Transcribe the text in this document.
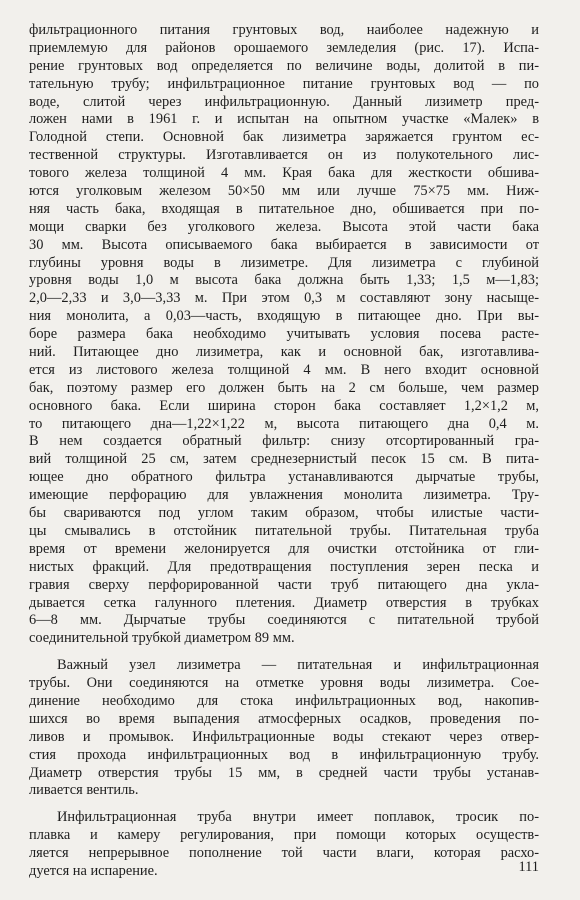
фильтрационного питания грунтовых вод, наиболее надежную и
приемлемую для районов орошаемого земледелия (рис. 17). Испа-
рение грунтовых вод определяется по величине воды, долитой в пи-
тательную трубу; инфильтрационное питание грунтовых вод — по
воде, слитой через инфильтрационную. Данный лизиметр пред-
ложен нами в 1961 г. и испытан на опытном участке «Малек» в
Голодной степи. Основной бак лизиметра заряжается грунтом ес-
тественной структуры. Изготавливается он из полукотельного лис-
тового железа толщиной 4 мм. Края бака для жесткости обшива-
ются уголковым железом 50×50 мм или лучше 75×75 мм. Ниж-
няя часть бака, входящая в питательное дно, обшивается при по-
мощи сварки без уголкового железа. Высота этой части бака
30 мм. Высота описываемого бака выбирается в зависимости от
глубины уровня воды в лизиметре. Для лизиметра с глубиной
уровня воды 1,0 м высота бака должна быть 1,33; 1,5 м—1,83;
2,0—2,33 и 3,0—3,33 м. При этом 0,3 м составляют зону насыще-
ния монолита, а 0,03—часть, входящую в питающее дно. При вы-
боре размера бака необходимо учитывать условия посева расте-
ний. Питающее дно лизиметра, как и основной бак, изготавлива-
ется из листового железа толщиной 4 мм. В него входит основной
бак, поэтому размер его должен быть на 2 см больше, чем размер
основного бака. Если ширина сторон бака составляет 1,2×1,2 м,
то питающего дна—1,22×1,22 м, высота питающего дна 0,4 м.
В нем создается обратный фильтр: снизу отсортированный гра-
вий толщиной 25 см, затем среднезернистый песок 15 см. В пита-
ющее дно обратного фильтра устанавливаются дырчатые трубы,
имеющие перфорацию для увлажнения монолита лизиметра. Тру-
бы свариваются под углом таким образом, чтобы илистые части-
цы смывались в отстойник питательной трубы. Питательная труба
время от времени желонируется для очистки отстойника от гли-
нистых фракций. Для предотвращения поступления зерен песка и
гравия сверху перфорированной части труб питающего дна укла-
дывается сетка галунного плетения. Диаметр отверстия в трубках
6—8 мм. Дырчатые трубы соединяются с питательной трубой
соединительной трубкой диаметром 89 мм.
Важный узел лизиметра — питательная и инфильтрационная
трубы. Они соединяются на отметке уровня воды лизиметра. Сое-
динение необходимо для стока инфильтрационных вод, накопив-
шихся во время выпадения атмосферных осадков, проведения по-
ливов и промывок. Инфильтрационные воды стекают через отвер-
стия прохода инфильтрационных вод в инфильтрационную трубу.
Диаметр отверстия трубы 15 мм, в средней части трубы устанав-
ливается вентиль.
Инфильтрационная труба внутри имеет поплавок, тросик по-
плавка и камеру регулирования, при помощи которых осуществ-
ляется непрерывное пополнение той части влаги, которая расхо-
дуется на испарение.	111
